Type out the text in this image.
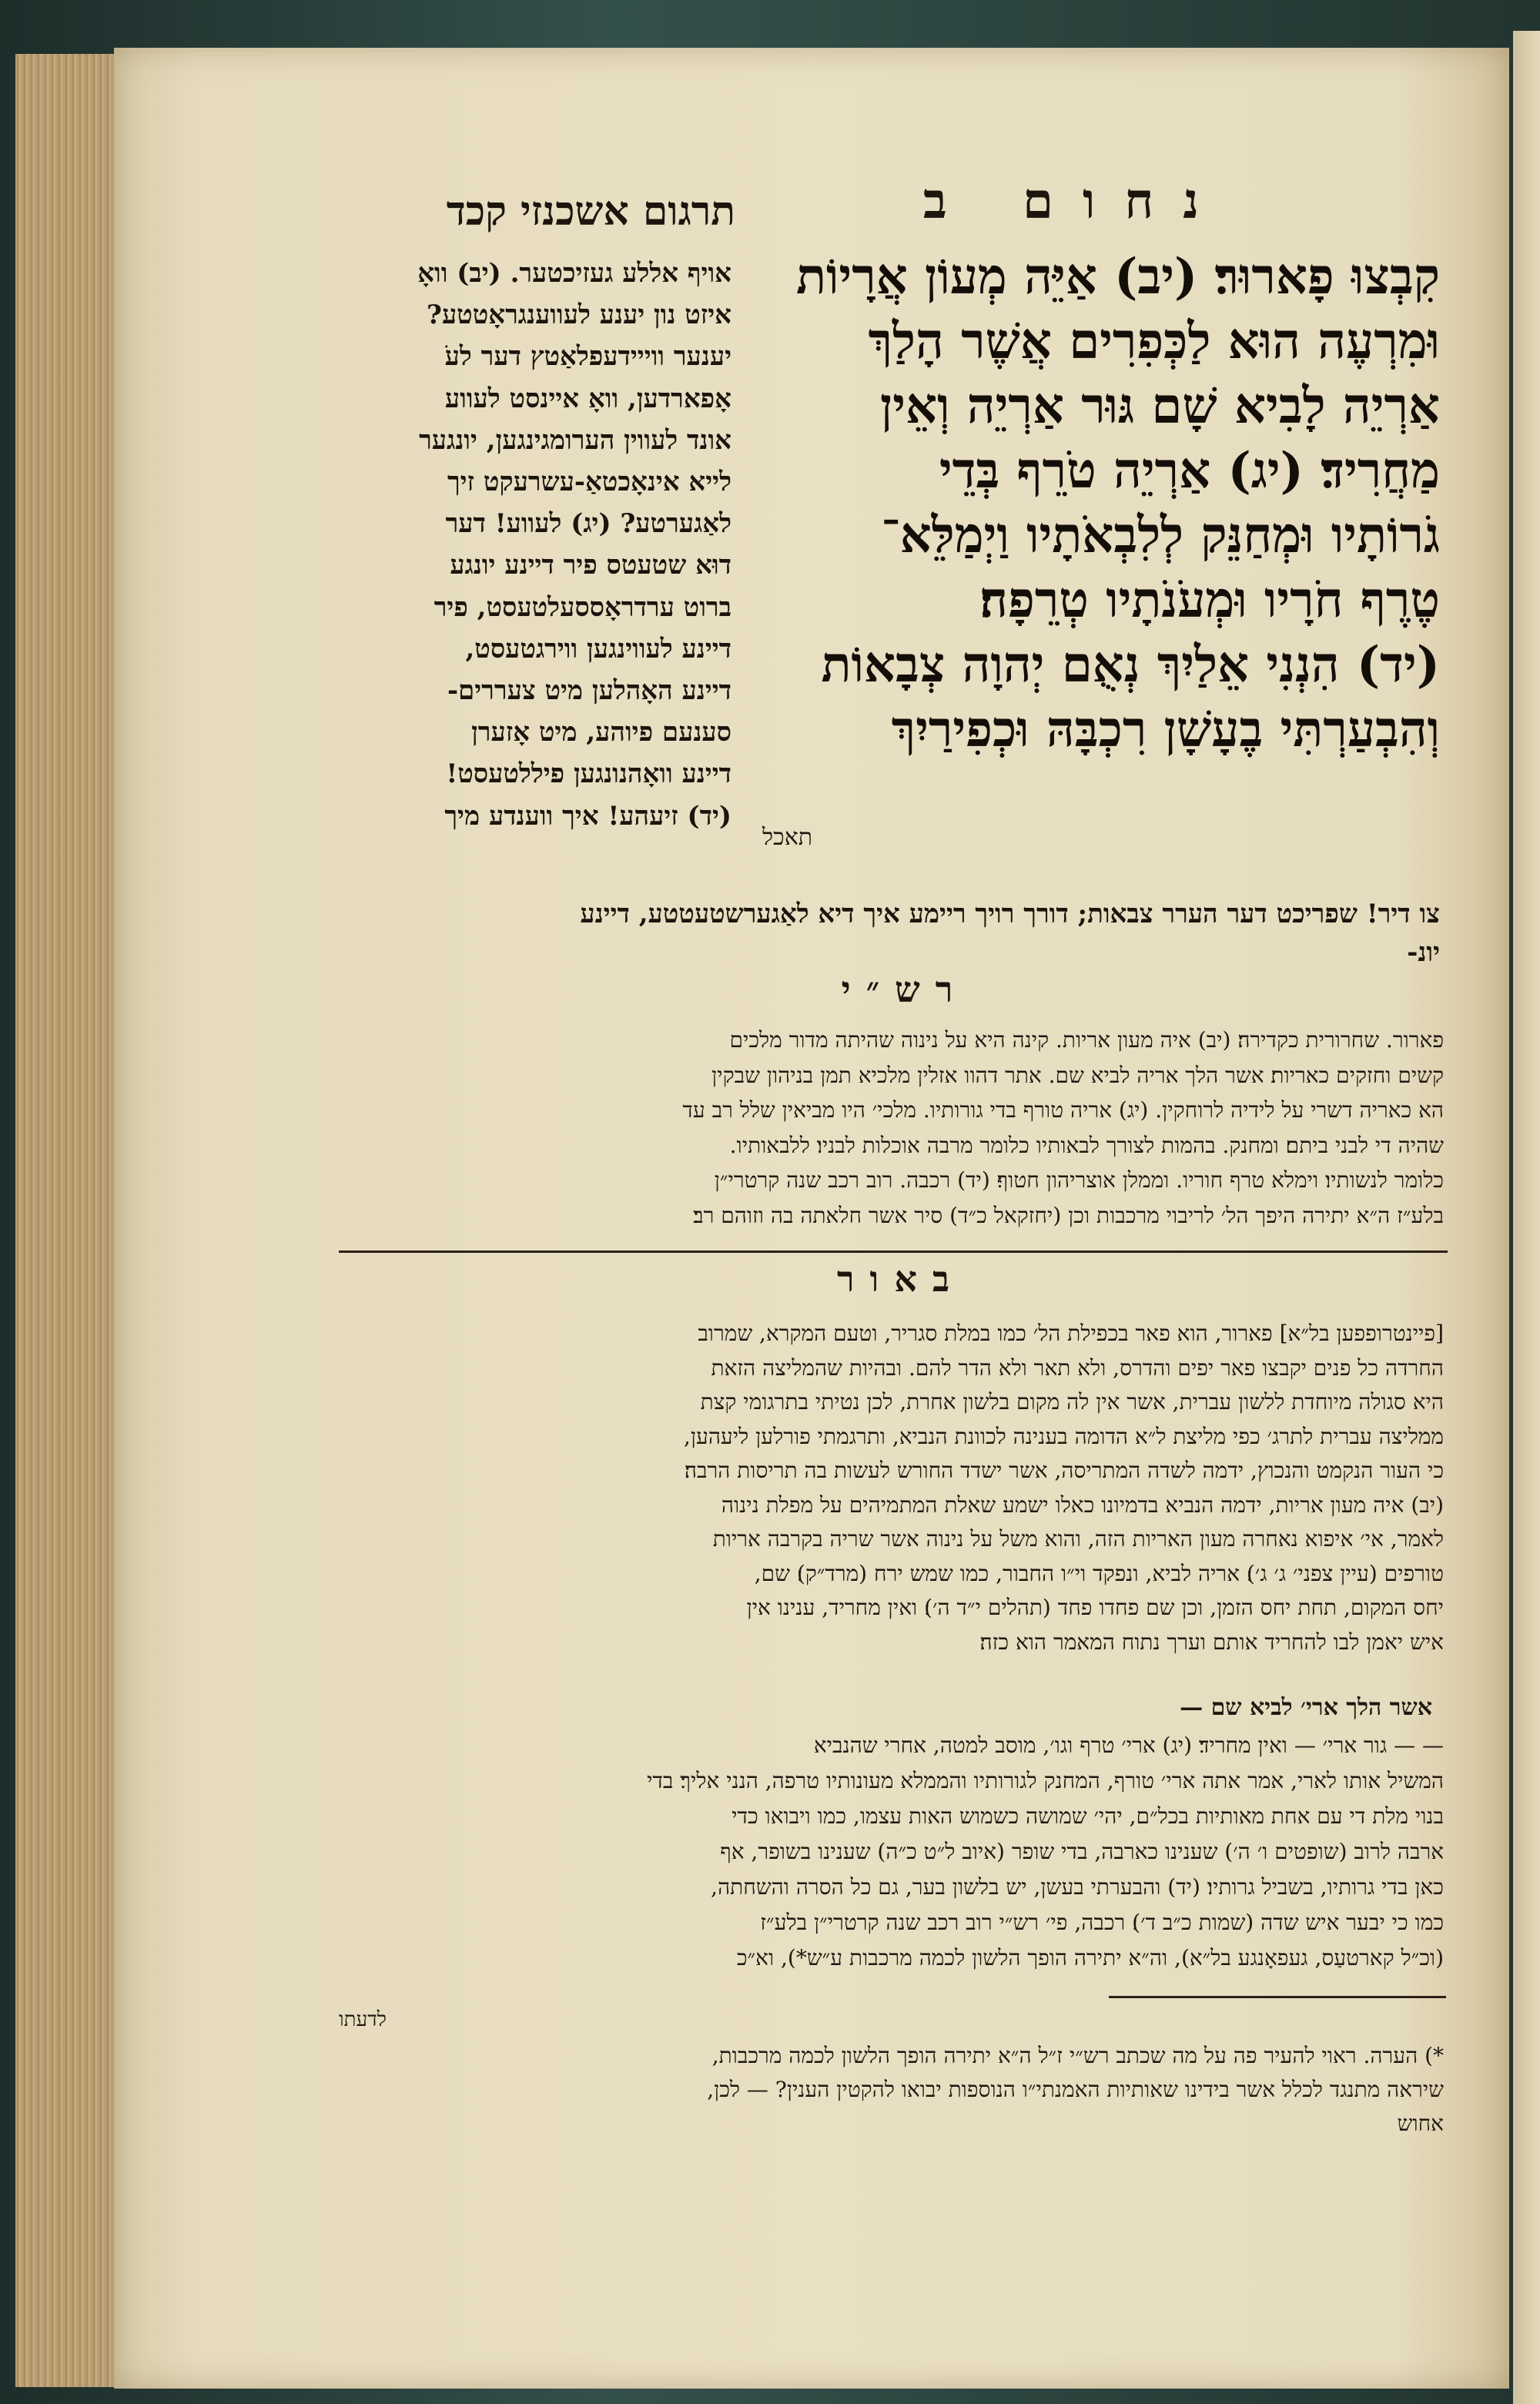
נחום ב
תרגום אשכנזי קכד
קִבְצוּ פָארוּר׃ (יב) אַיֵּה מְעוֹן אֲרָיוֹת
וּמִרְעֶה הוּא לַכְּפִרִים אֲשֶׁר הָלַךְ
אַרְיֵה לָבִיא שָׁם גּוּר אַרְיֵה וְאֵין
מַחֲרִיד׃ (יג) אַרְיֵה טֹרֵף בְּדֵי
גֹרוֹתָיו וּמְחַנֵּק לְלִבְאֹתָיו וַיְמַלֵּא־
טֶרֶף חֹרָיו וּמְעֹנֹתָיו טְרֵפָה׃
(יד) הִנְנִי אֵלַיִךְ נְאֻם יְהוָה צְבָאוֹת
וְהִבְעַרְתִּי בֶעָשָׁן רִכְבָּהּ וּכְפִירַיִךְ
תאכל
אויף אללע געזיכטער. (יב) וואָ
איזט נון יענע לעווענגראָטטע?
יענער ווייידעפלאַטץ דער לעֹ
אָפארדען, וואָ איינסט לעווע
אונד לעווין הערומגינגען, יונגער
לייא אינאָכטאַ-עשרעקט זיך
לאַגערטע? (יג) לעווע! דער
דוּא שטעטס פיר דיינע יונגע
ברוט ערדראָססעלטעסט, פיר
דיינע לעווינגען ווירגטעסט,
דיינע האָהלען מיט צעררים-
סענעם פיוהע, מיט אָזערן
דיינע וואָהנונגען פיללטעסט!
(יד) זיעהע! איך ווענדע מיך
צו דיר! שפריכט דער הערר צבאות; דורך רויך ריימע איך דיא לאַגערשטעטטע, דיינע
יונ-
רש״י
פארור. שחרורית כקדירה׃ (יב) איה מעון אריות. קינה היא על נינוה שהיתה מדור מלכים
קשים וחזקים כאריות׃ אשר הלך אריה לביא שם. אתר דהוו אזלין מלכיא תמן בניהון שבקין
הא כאריה דשרי על לידיה לרוחקין. (יג) אריה טורף בדי גורותיו. מלכי׳ היו מביאין שלל רב עד
שהיה די לבני ביתם׃ ומחנק. בהמות לצורך לבאותיו כלומר מרבה אוכלות לבניו׃ ללבאותיו.
כלומר לנשותיו׃ וימלא טרף חוריו. וממלן אוצריהון חטוף׃ (יד) רכבה. רוב רכב שנה קרטרי״ן
בלע״ז ה״א יתירה היפך הל׳ לריבוי מרכבות וכן (יחזקאל כ״ד) סיר אשר חלאתה בה וזוהם רב׃
באור
[פיינטרופפען בל״א] פארור, הוא פאר בכפילת הל׳ כמו במלת סגריר, וטעם המקרא, שמרוב
החרדה כל פנים יקבצו פאר יפים והדרס, ולא תאר ולא הדר להם. ובהיות שהמליצה הזאת
היא סגולה מיוחדת ללשון עברית, אשר אין לה מקום בלשון אחרת, לכן נטיתי בתרגומי קצת
ממליצה עברית לתרג׳ כפי מליצת ל״א הדומה בענינה לכוונת הנביא, ותרגמתי פורלען ליעהען,
כי העור הנקמט והנכוץ, ידמה לשדה המתריסה, אשר ישדד החורש לעשות בה תריסות הרבה׃
(יב) איה מעון אריות, ידמה הנביא בדמיונו כאלו ישמע שאלת המתמיהים על מפלת נינוה
לאמר, אי׳ איפוא נאחרה מעון האריות הזה, והוא משל על נינוה אשר שריה בקרבה אריות
טורפים (עיין צפני׳ ג׳ ג׳)׃ אריה לביא, ונפקד וי״ו החבור, כמו שמש ירח (מרד״ק)׃ שם,
יחס המקום, תחת יחס הזמן, וכן שם פחדו פחד (תהלים י״ד ה׳)׃ ואין מחריד, ענינו אין
איש יאמן לבו להחריד אותם וערך נתוח המאמר הוא כזה׃
אשר הלך ארי׳ לביא שם —
— — גור ארי׳ — ואין מחריד׃ (יג) ארי׳ טרף וגו׳, מוסב למטה, אחרי שהנביא
המשיל אותו לארי, אמר אתה ארי׳ טורף, המחנק לגורותיו והממלא מעונותיו טרפה, הנני אליך׃ בדי
בנוי מלת די עם אחת מאותיות בכל״ם, יהי׳ שמושה כשמוש האות עצמו, כמו ויבואו כדי
ארבה לרוב (שופטים ו׳ ה׳) שענינו כארבה, בדי שופר (איוב ל״ט כ״ה) שענינו בשופר, אף
כאן בדי גרותיו, בשביל גרותיו׃ (יד) והבערתי בעשן, יש בלשון בער, גם כל הסרה והשחתה,
כמו כי יבער איש שדה (שמות כ״ב ד׳)׃ רכבה, פי׳ רש״י רוב רכב שנה קרטרי״ן בלע״ז
(וכ״ל קארטעַס, געפאָנגע בל״א), וה״א יתירה הופך הלשון לכמה מרכבות ע״ש*), וא״כ
לדעתו
*) הערה. ראוי להעיר פה על מה שכתב רש״י ז״ל ה״א יתירה הופך הלשון לכמה מרכבות,
שיראה מתנגד לכלל אשר בידינו שאותיות האמנתי״ו הנוספות יבואו להקטין הענין? — לכן,
אחוש
